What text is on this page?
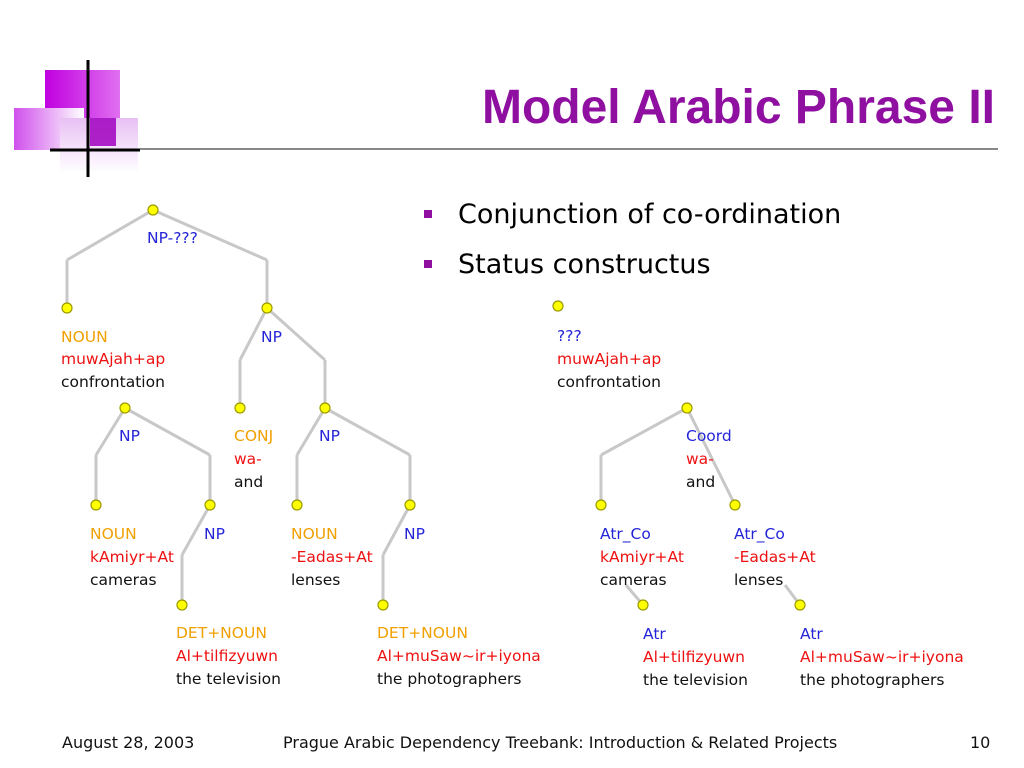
Model Arabic Phrase II
Conjunction of co-ordination
Status constructus
NP-???
NOUN
muwAjah+ap
confrontation
NP
NP	CONJ
wa-
and
NP
NOUN
kAmiyr+At
cameras
NP	NOUN
-Eadas+At
lenses
NP
DET+NOUN
Al+tilfizyuwn
the television
DET+NOUN
Al+muSaw~ir+iyona
the photographers
???
muwAjah+ap
confrontation
Coord
wa-
and
Atr_Co
kAmiyr+At
cameras
Atr_Co
-Eadas+At
lenses
Atr
Al+tilfizyuwn
the television
Atr
Al+muSaw~ir+iyona
the photographers
August 28, 2003	Prague Arabic Dependency Treebank: Introduction & Related Projects	10
